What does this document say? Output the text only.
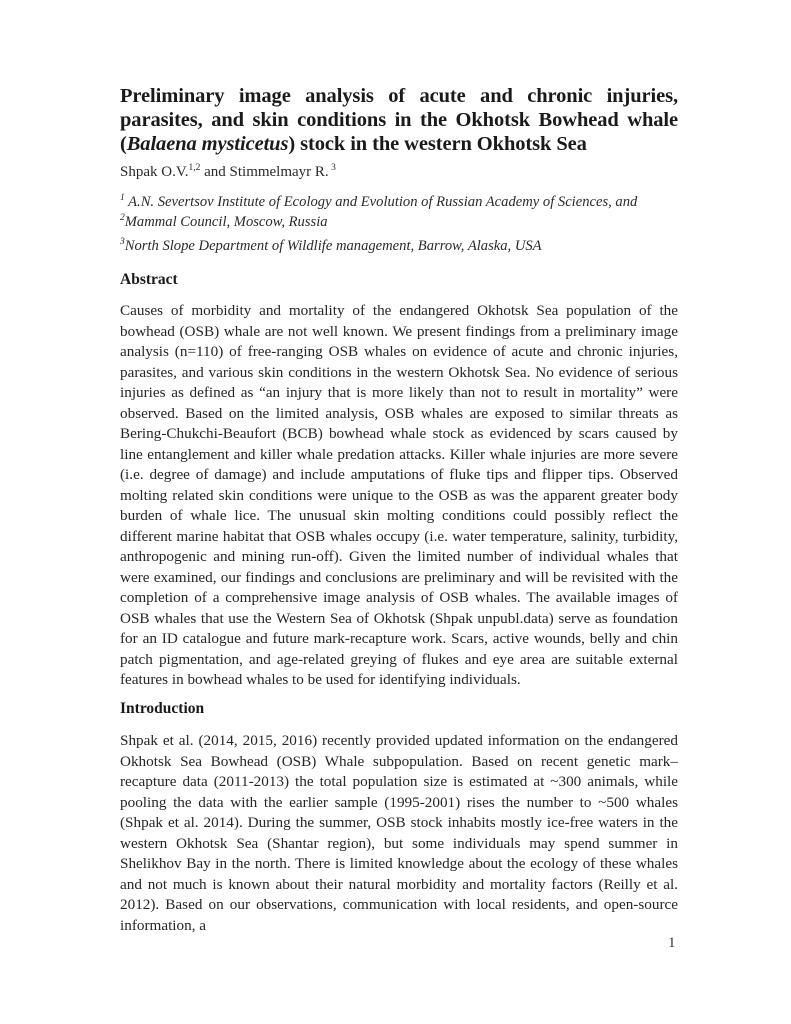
Preliminary image analysis of acute and chronic injuries, parasites, and skin conditions in the Okhotsk Bowhead whale (Balaena mysticetus) stock in the western Okhotsk Sea
Shpak O.V.$^{1,2}$ and Stimmelmayr R. $^3$
$^1$ A.N. Severtsov Institute of Ecology and Evolution of Russian Academy of Sciences, and
$^2$Mammal Council, Moscow, Russia
$^3$North Slope Department of Wildlife management, Barrow, Alaska, USA
Abstract

Causes of morbidity and mortality of the endangered Okhotsk Sea population of the bowhead (OSB) whale are not well known. We present findings from a preliminary image analysis (n=110) of free-ranging OSB whales on evidence of acute and chronic injuries, parasites, and various skin conditions in the western Okhotsk Sea. No evidence of serious injuries as defined as “an injury that is more likely than not to result in mortality” were observed. Based on the limited analysis, OSB whales are exposed to similar threats as Bering-Chukchi-Beaufort (BCB) bowhead whale stock as evidenced by scars caused by line entanglement and killer whale predation attacks. Killer whale injuries are more severe (i.e. degree of damage) and include amputations of fluke tips and flipper tips. Observed molting related skin conditions were unique to the OSB as was the apparent greater body burden of whale lice. The unusual skin molting conditions could possibly reflect the different marine habitat that OSB whales occupy (i.e. water temperature, salinity, turbidity, anthropogenic and mining run-off). Given the limited number of individual whales that were examined, our findings and conclusions are preliminary and will be revisited with the completion of a comprehensive image analysis of OSB whales. The available images of OSB whales that use the Western Sea of Okhotsk (Shpak unpubl.data) serve as foundation for an ID catalogue and future mark-recapture work. Scars, active wounds, belly and chin patch pigmentation, and age-related greying of flukes and eye area are suitable external features in bowhead whales to be used for identifying individuals.

Introduction

Shpak et al. (2014, 2015, 2016) recently provided updated information on the endangered Okhotsk Sea Bowhead (OSB) Whale subpopulation. Based on recent genetic mark–recapture data (2011-2013) the total population size is estimated at ~300 animals, while pooling the data with the earlier sample (1995-2001) rises the number to ~500 whales (Shpak et al. 2014). During the summer, OSB stock inhabits mostly ice-free waters in the western Okhotsk Sea (Shantar region), but some individuals may spend summer in Shelikhov Bay in the north. There is limited knowledge about the ecology of these whales and not much is known about their natural morbidity and mortality factors (Reilly et al. 2012). Based on our observations, communication with local residents, and open-source information, a

1
